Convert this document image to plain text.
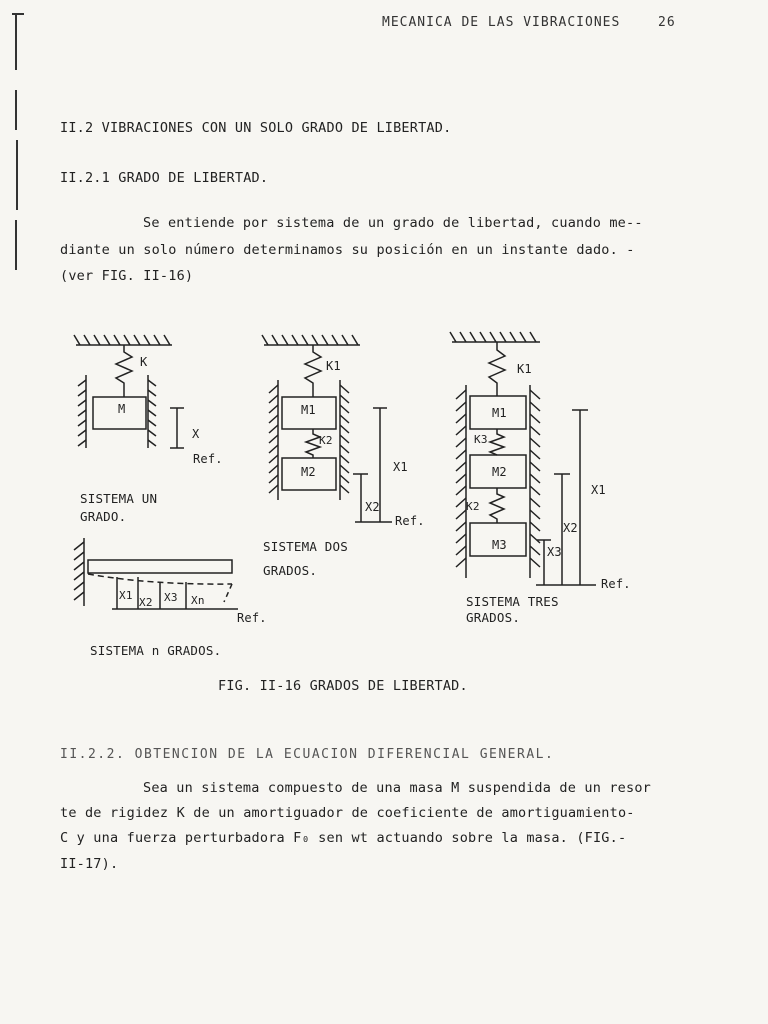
MECANICA DE LAS VIBRACIONES	26
II.2 VIBRACIONES CON UN SOLO GRADO DE LIBERTAD.
II.2.1 GRADO DE LIBERTAD.
Se entiende por sistema de un grado de libertad, cuando me--
diante un solo número determinamos su posición en un instante dado. -
(ver FIG. II-16)
K
M
X
Ref.
SISTEMA UN
GRADO.
K1
M1
K2
M2	X1
X2
Ref.
SISTEMA DOS
GRADOS.
K1
M1
K3
M2
K2
M3
X1
X2
X3
Ref.
SISTEMA TRES
GRADOS.
X1
X2 X3 Xn
Ref.
SISTEMA n GRADOS.
FIG. II-16 GRADOS DE LIBERTAD.
II.2.2. OBTENCION DE LA ECUACION DIFERENCIAL GENERAL.
Sea un sistema compuesto de una masa M suspendida de un resor
te de rigidez K de un amortiguador de coeficiente de amortiguamiento-
C y una fuerza perturbadora F₀ sen wt actuando sobre la masa. (FIG.-
II-17).
